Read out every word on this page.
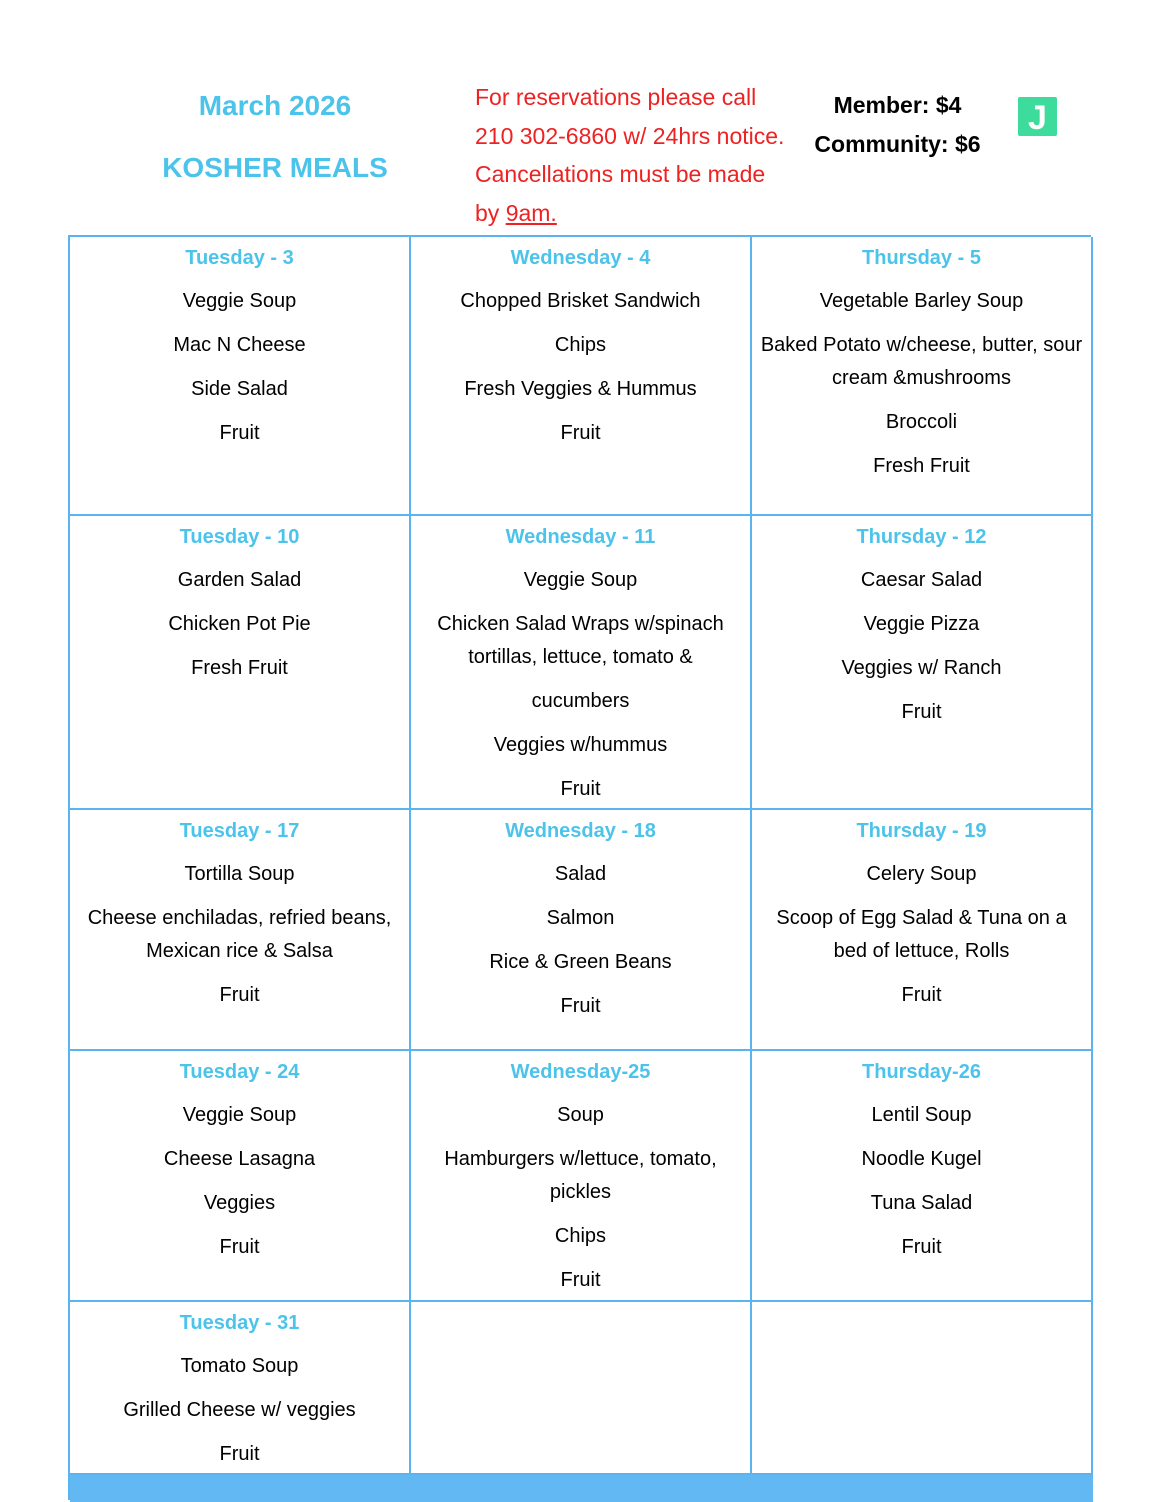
March 2026
KOSHER MEALS
For reservations please call 210 302-6860 w/ 24hrs notice. Cancellations must be made by 9am.
Member: $4
Community: $6
J
Tuesday - 3
Veggie Soup
Mac N Cheese
Side Salad
Fruit
Wednesday - 4
Chopped Brisket Sandwich
Chips
Fresh Veggies & Hummus
Fruit
Thursday - 5
Vegetable Barley Soup
Baked Potato w/cheese, butter, sour cream &mushrooms
Broccoli
Fresh Fruit
Tuesday - 10
Garden Salad
Chicken Pot Pie
Fresh Fruit
Wednesday - 11
Veggie Soup
Chicken Salad Wraps w/spinach tortillas, lettuce, tomato &
cucumbers
Veggies w/hummus
Fruit
Thursday - 12
Caesar Salad
Veggie Pizza
Veggies w/ Ranch
Fruit
Tuesday - 17
Tortilla Soup
Cheese enchiladas, refried beans, Mexican rice & Salsa
Fruit
Wednesday - 18
Salad
Salmon
Rice & Green Beans
Fruit
Thursday - 19
Celery Soup
Scoop of Egg Salad & Tuna on a bed of lettuce, Rolls
Fruit
Tuesday - 24
Veggie Soup
Cheese Lasagna
Veggies
Fruit
Wednesday-25
Soup
Hamburgers w/lettuce, tomato, pickles
Chips
Fruit
Thursday-26
Lentil Soup
Noodle Kugel
Tuna Salad
Fruit
Tuesday - 31
Tomato Soup
Grilled Cheese w/ veggies
Fruit
